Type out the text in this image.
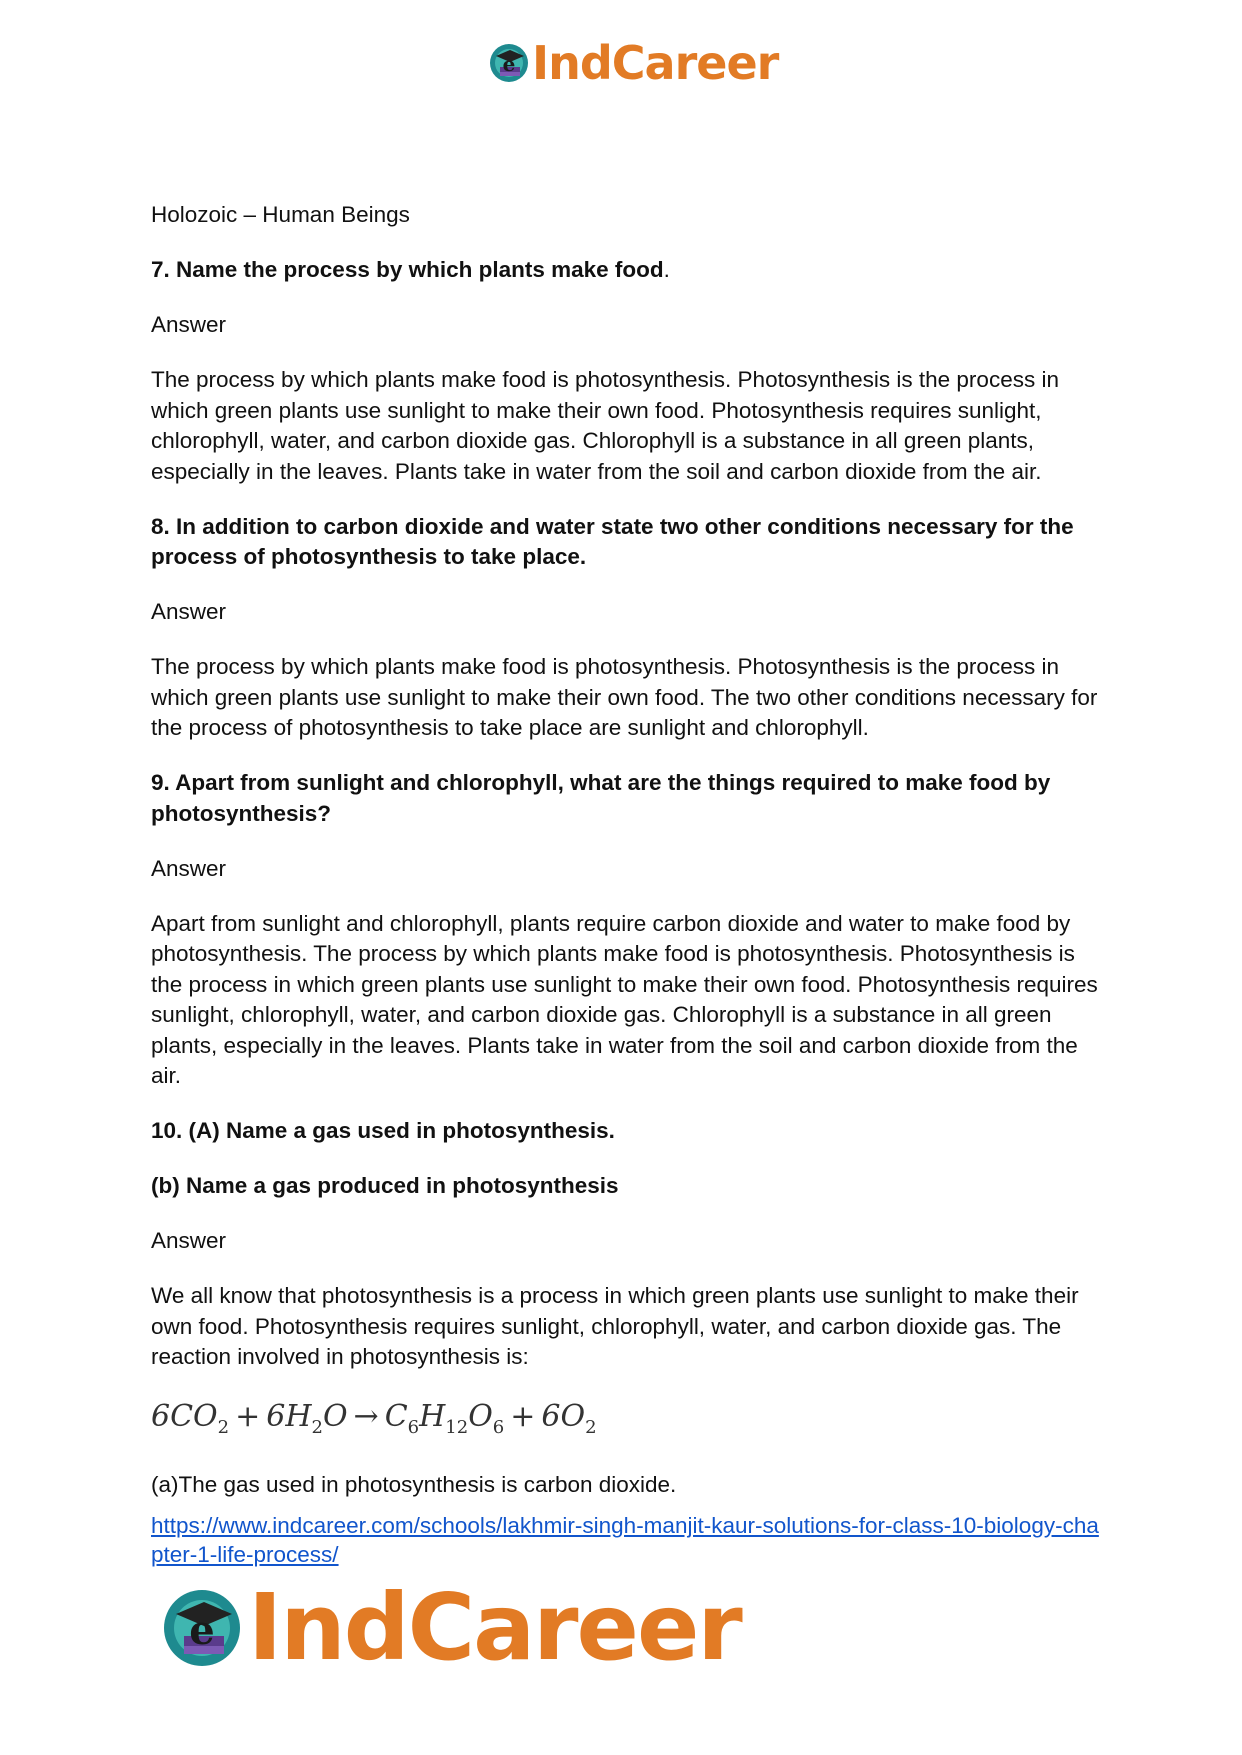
e IndCareer

Holozoic – Human Beings

7. Name the process by which plants make food.

Answer

The process by which plants make food is photosynthesis. Photosynthesis is the process in which green plants use sunlight to make their own food. Photosynthesis requires sunlight, chlorophyll, water, and carbon dioxide gas. Chlorophyll is a substance in all green plants, especially in the leaves. Plants take in water from the soil and carbon dioxide from the air.

8. In addition to carbon dioxide and water state two other conditions necessary for the process of photosynthesis to take place.

Answer

The process by which plants make food is photosynthesis. Photosynthesis is the process in which green plants use sunlight to make their own food. The two other conditions necessary for the process of photosynthesis to take place are sunlight and chlorophyll.

9. Apart from sunlight and chlorophyll, what are the things required to make food by photosynthesis?

Answer

Apart from sunlight and chlorophyll, plants require carbon dioxide and water to make food by photosynthesis. The process by which plants make food is photosynthesis. Photosynthesis is the process in which green plants use sunlight to make their own food. Photosynthesis requires sunlight, chlorophyll, water, and carbon dioxide gas. Chlorophyll is a substance in all green plants, especially in the leaves. Plants take in water from the soil and carbon dioxide from the air.

10. (A) Name a gas used in photosynthesis.

(b) Name a gas produced in photosynthesis

Answer

We all know that photosynthesis is a process in which green plants use sunlight to make their own food. Photosynthesis requires sunlight, chlorophyll, water, and carbon dioxide gas. The reaction involved in photosynthesis is:

$6CO_2 + 6H_2O \to C_6H_{12}O_6 + 6O_2$

(a)The gas used in photosynthesis is carbon dioxide.

https://www.indcareer.com/schools/lakhmir-singh-manjit-kaur-solutions-for-class-10-biology-chapter-1-life-process/
e IndCareer
